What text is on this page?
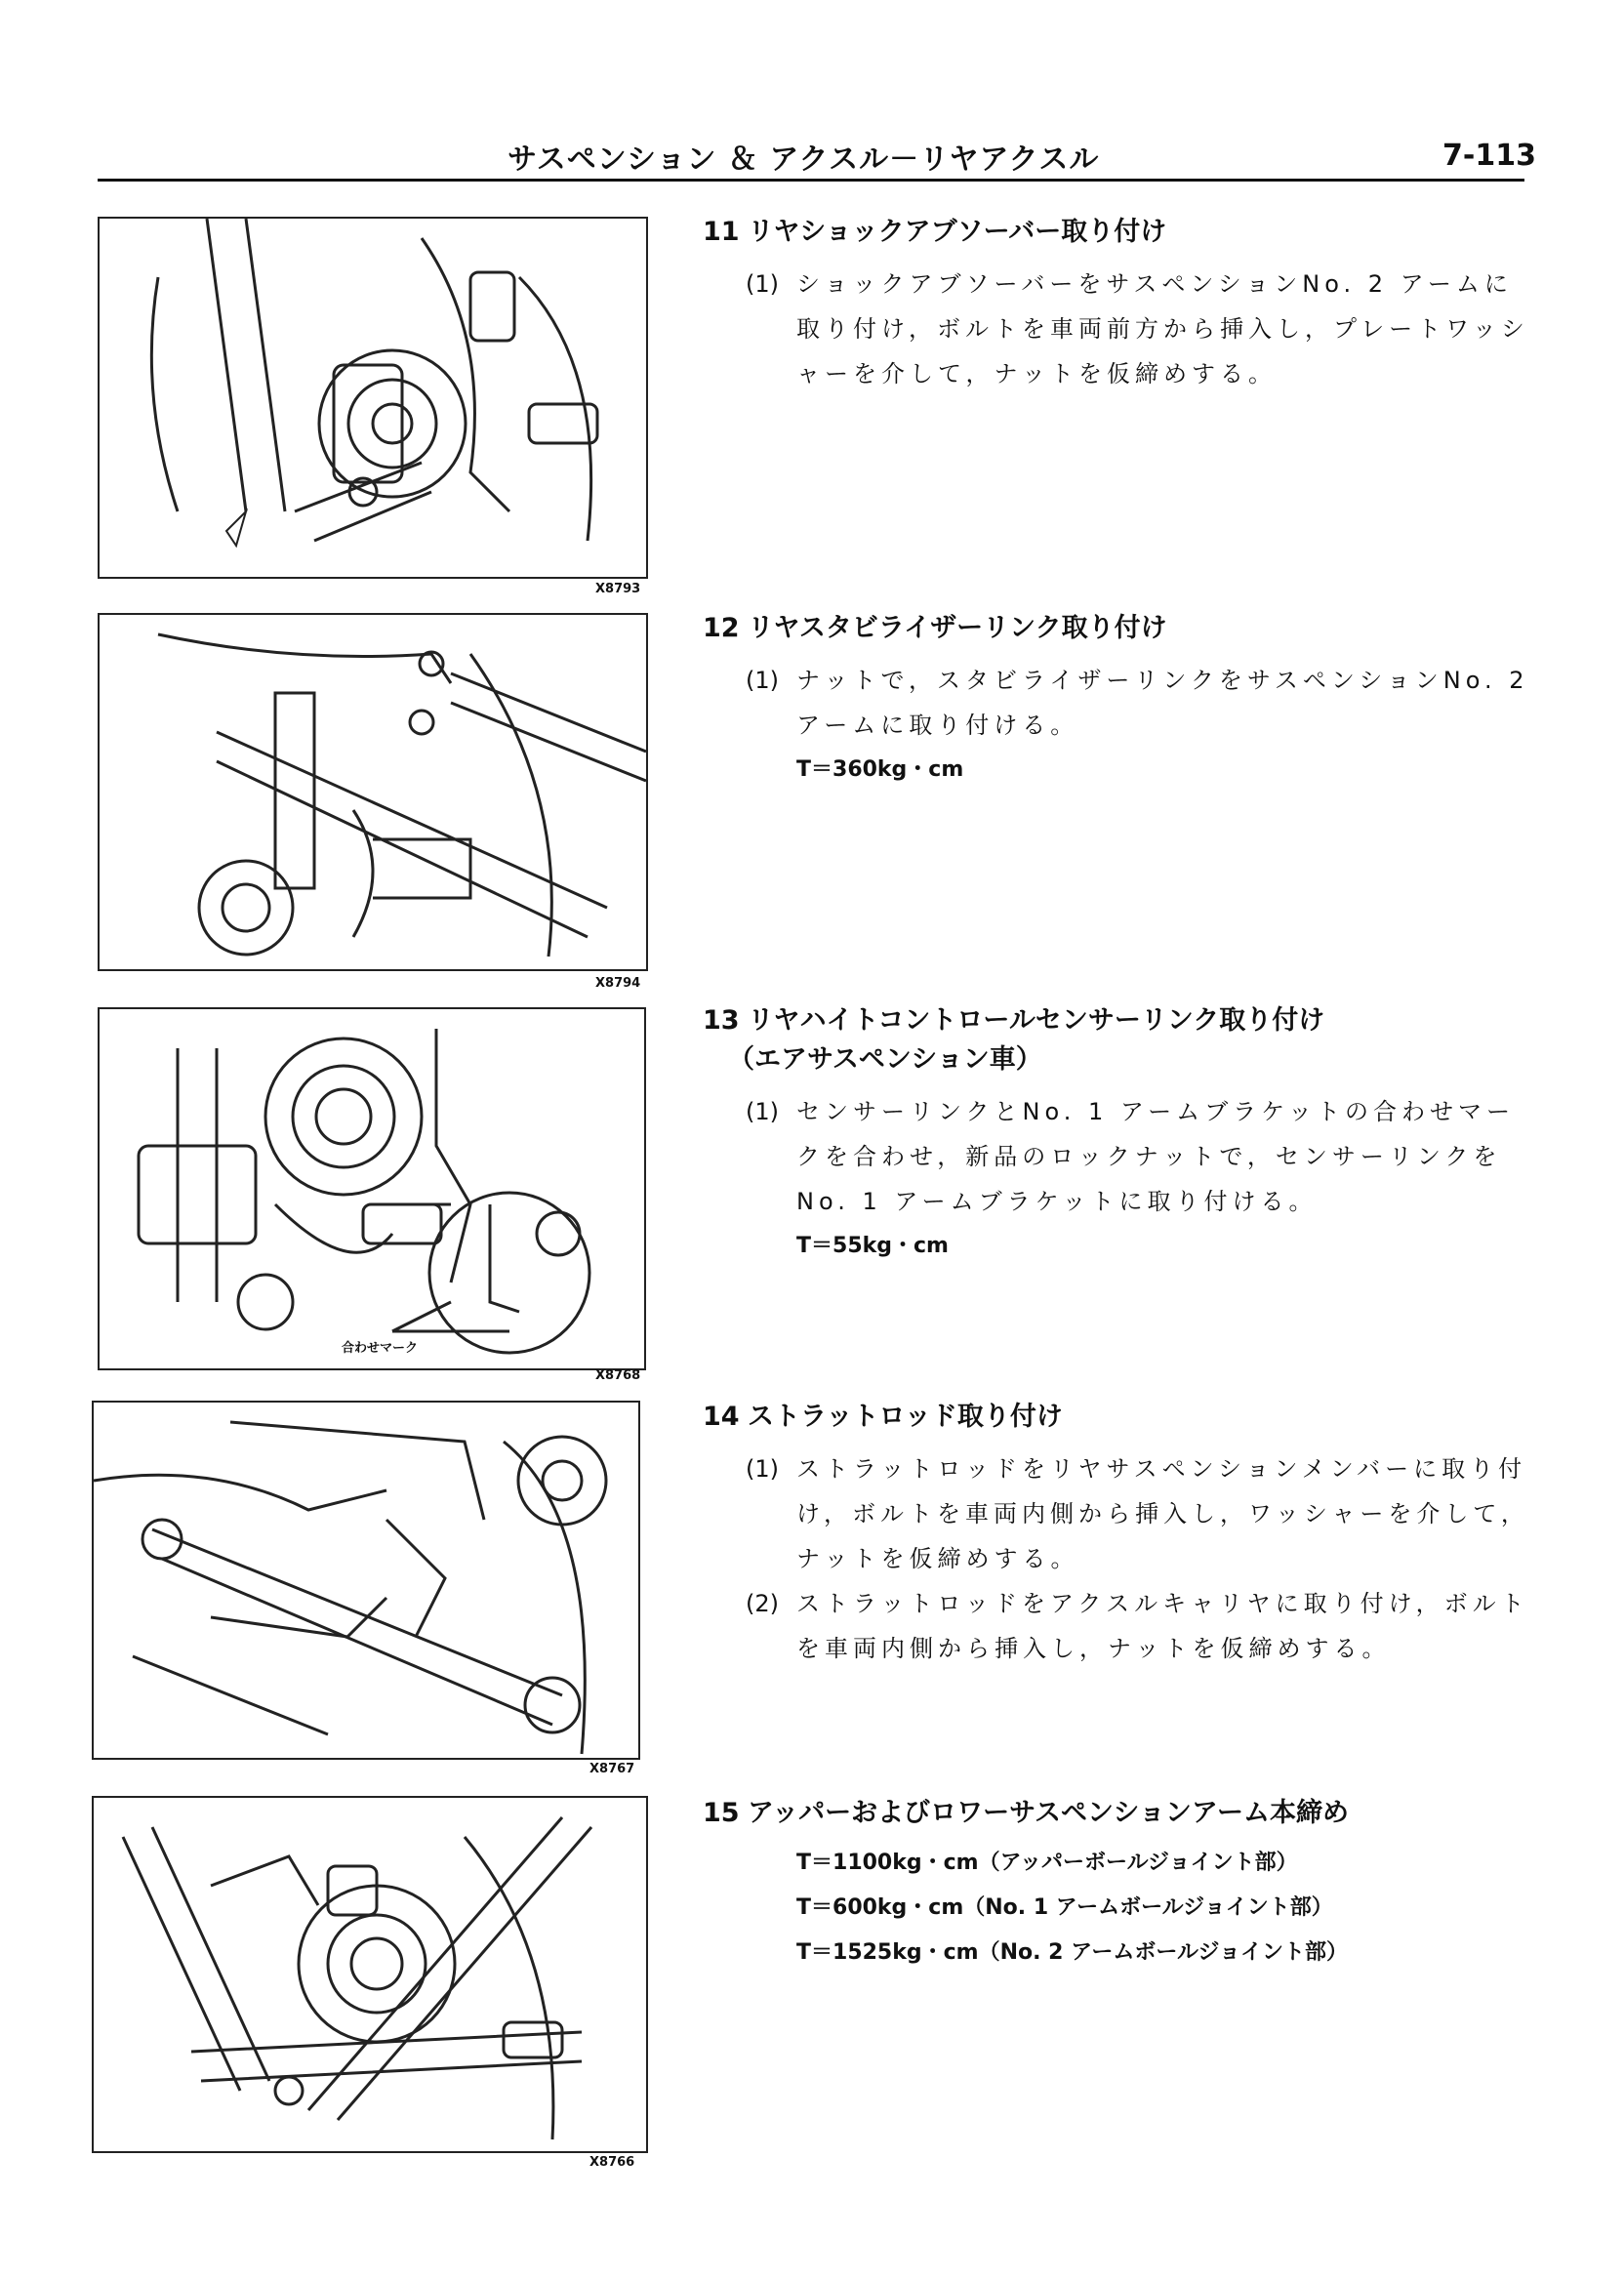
サスペンション ＆ アクスル－リヤアクスル	7-113
X8793
X8794
合わせマーク
X8768
X8767
X8766
11 リヤショックアブソーバー取り付け
(1) ショックアブソーバーをサスペンションNo. 2 アームに取り付け，ボルトを車両前方から挿入し，プレートワッシャーを介して，ナットを仮締めする。
12 リヤスタビライザーリンク取り付け
(1) ナットで，スタビライザーリンクをサスペンションNo. 2 アームに取り付ける。
T＝360kg・cm
13 リヤハイトコントロールセンサーリンク取り付け
（エアサスペンション車）
(1) センサーリンクとNo. 1 アームブラケットの合わせマークを合わせ，新品のロックナットで，センサーリンクをNo. 1 アームブラケットに取り付ける。
T＝55kg・cm
14 ストラットロッド取り付け
(1) ストラットロッドをリヤサスペンションメンバーに取り付け，ボルトを車両内側から挿入し，ワッシャーを介して，ナットを仮締めする。
(2) ストラットロッドをアクスルキャリヤに取り付け，ボルトを車両内側から挿入し，ナットを仮締めする。
15 アッパーおよびロワーサスペンションアーム本締め
T＝1100kg・cm（アッパーボールジョイント部）
T＝600kg・cm（No. 1 アームボールジョイント部）
T＝1525kg・cm（No. 2 アームボールジョイント部）
